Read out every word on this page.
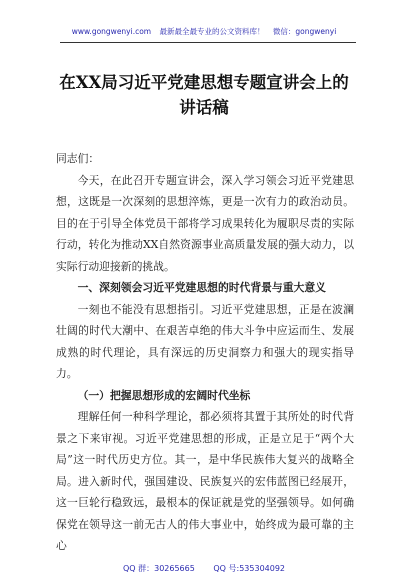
www.gongwenyi.com 最新最全最专业的公文资料库！ 微信：gongwenyi
在XX局习近平党建思想专题宣讲会上的
讲话稿

同志们：

今天，在此召开专题宣讲会，深入学习领会习近平党建思想，这既是一次深刻的思想淬炼，更是一次有力的政治动员。目的在于引导全体党员干部将学习成果转化为履职尽责的实际行动，转化为推动XX自然资源事业高质量发展的强大动力，以实际行动迎接新的挑战。

一、深刻领会习近平党建思想的时代背景与重大意义

一刻也不能没有思想指引。习近平党建思想，正是在波澜壮阔的时代大潮中、在艰苦卓绝的伟大斗争中应运而生、发展成熟的时代理论，具有深远的历史洞察力和强大的现实指导力。

（一）把握思想形成的宏阔时代坐标

理解任何一种科学理论，都必须将其置于其所处的时代背景之下来审视。习近平党建思想的形成，正是立足于“两个大局”这一时代历史方位。其一，是中华民族伟大复兴的战略全局。进入新时代，强国建设、民族复兴的宏伟蓝图已经展开，这一巨轮行稳致远，最根本的保证就是党的坚强领导。如何确保党在领导这一前无古人的伟大事业中，始终成为最可靠的主心

QQ 群：30265665 QQ 号:535304092
